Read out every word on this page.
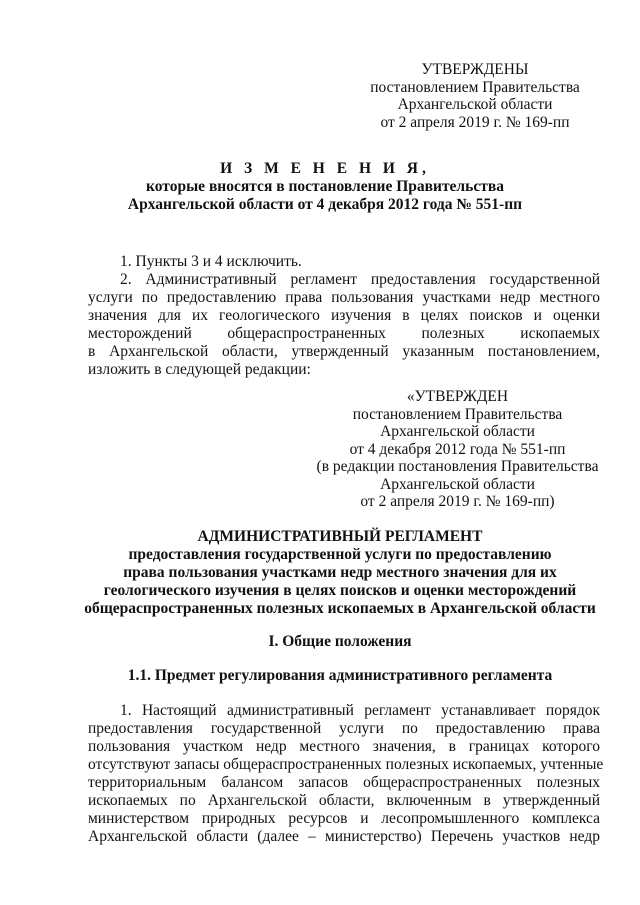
УТВЕРЖДЕНЫ
постановлением Правительства
Архангельской области
от 2 апреля 2019 г. № 169-пп
И З М Е Н Е Н И Я,
которые вносятся в постановление Правительства
Архангельской области от 4 декабря 2012 года № 551-пп
1. Пункты 3 и 4 исключить.
2. Административный регламент предоставления государственной
услуги по предоставлению права пользования участками недр местного
значения для их геологического изучения в целях поисков и оценки
месторождений общераспространенных полезных ископаемых
в Архангельской области, утвержденный указанным постановлением,
изложить в следующей редакции:
«УТВЕРЖДЕН
постановлением Правительства
Архангельской области
от 4 декабря 2012 года № 551-пп
(в редакции постановления Правительства
Архангельской области
от 2 апреля 2019 г. № 169-пп)
АДМИНИСТРАТИВНЫЙ РЕГЛАМЕНТ
предоставления государственной услуги по предоставлению
права пользования участками недр местного значения для их
геологического изучения в целях поисков и оценки месторождений
общераспространенных полезных ископаемых в Архангельской области
I. Общие положения
1.1. Предмет регулирования административного регламента
1. Настоящий административный регламент устанавливает порядок
предоставления государственной услуги по предоставлению права
пользования участком недр местного значения, в границах которого
отсутствуют запасы общераспространенных полезных ископаемых, учтенные
территориальным балансом запасов общераспространенных полезных
ископаемых по Архангельской области, включенным в утвержденный
министерством природных ресурсов и лесопромышленного комплекса
Архангельской области (далее – министерство) Перечень участков недр
